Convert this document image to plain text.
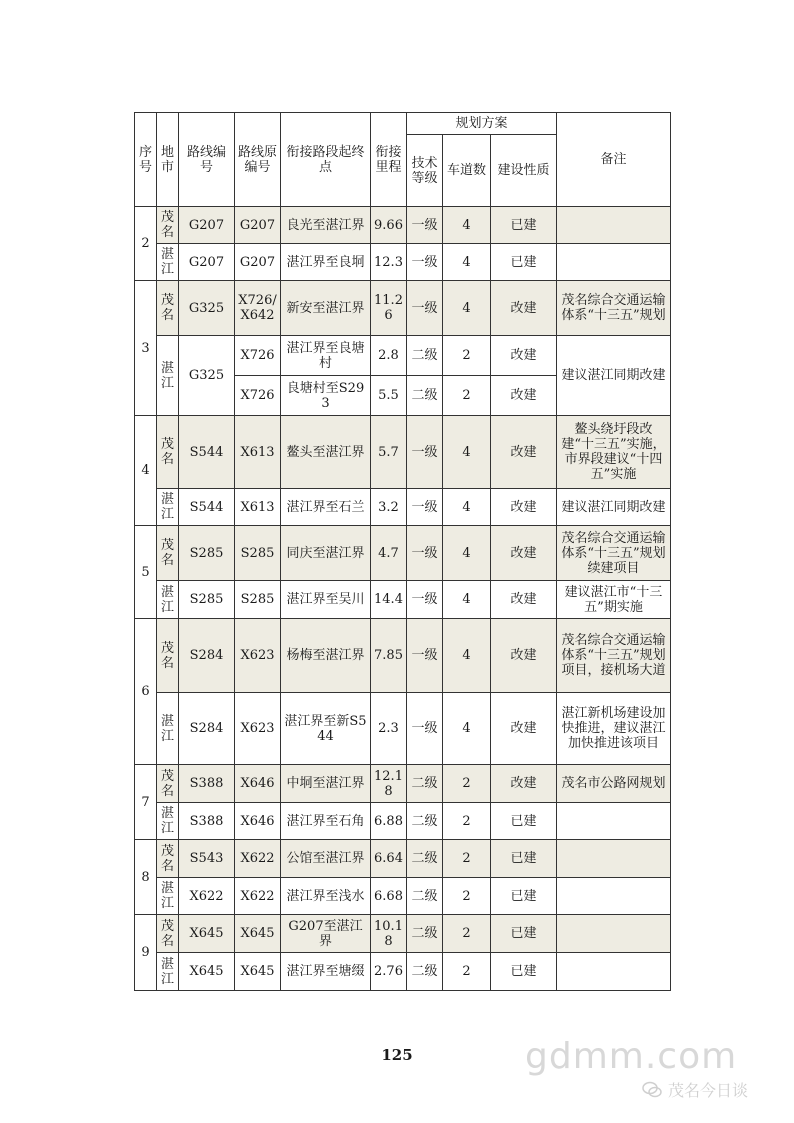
序号	地市	路线编号	路线原编号	衔接路段起终点	衔接里程	规划方案			备注
						技术等级	车道数	建设性质	
2	茂名	G207	G207	良光至湛江界	9.66	一级	4	已建	
	湛江	G207	G207	湛江界至良垌	12.3	一级	4	已建	
3	茂名	G325	X726/X642	新安至湛江界	11.26	一级	4	改建	茂名综合交通运输体系“十三五”规划
	湛江	G325	X726	湛江界至良塘村	2.8	二级	2	改建	建议湛江同期改建
			X726	良塘村至S293	5.5	二级	2	改建	
4	茂名	S544	X613	鳌头至湛江界	5.7	一级	4	改建	鳌头绕圩段改建“十三五”实施，市界段建议“十四五”实施
	湛江	S544	X613	湛江界至石兰	3.2	一级	4	改建	建议湛江同期改建
5	茂名	S285	S285	同庆至湛江界	4.7	一级	4	改建	茂名综合交通运输体系“十三五”规划续建项目
	湛江	S285	S285	湛江界至吴川	14.4	一级	4	改建	建议湛江市“十三五”期实施
6	茂名	S284	X623	杨梅至湛江界	7.85	一级	4	改建	茂名综合交通运输体系“十三五”规划项目，接机场大道
	湛江	S284	X623	湛江界至新S544	2.3	一级	4	改建	湛江新机场建设加快推进，建议湛江加快推进该项目
7	茂名	S388	X646	中垌至湛江界	12.18	二级	2	改建	茂名市公路网规划
	湛江	S388	X646	湛江界至石角	6.88	二级	2	已建	
8	茂名	S543	X622	公馆至湛江界	6.64	二级	2	已建	
	湛江	X622	X622	湛江界至浅水	6.68	二级	2	已建	
9	茂名	X645	X645	G207至湛江界	10.18	二级	2	已建	
	湛江	X645	X645	湛江界至塘缀	2.76	二级	2	已建	
125	gdmm.com
茂名今日谈
